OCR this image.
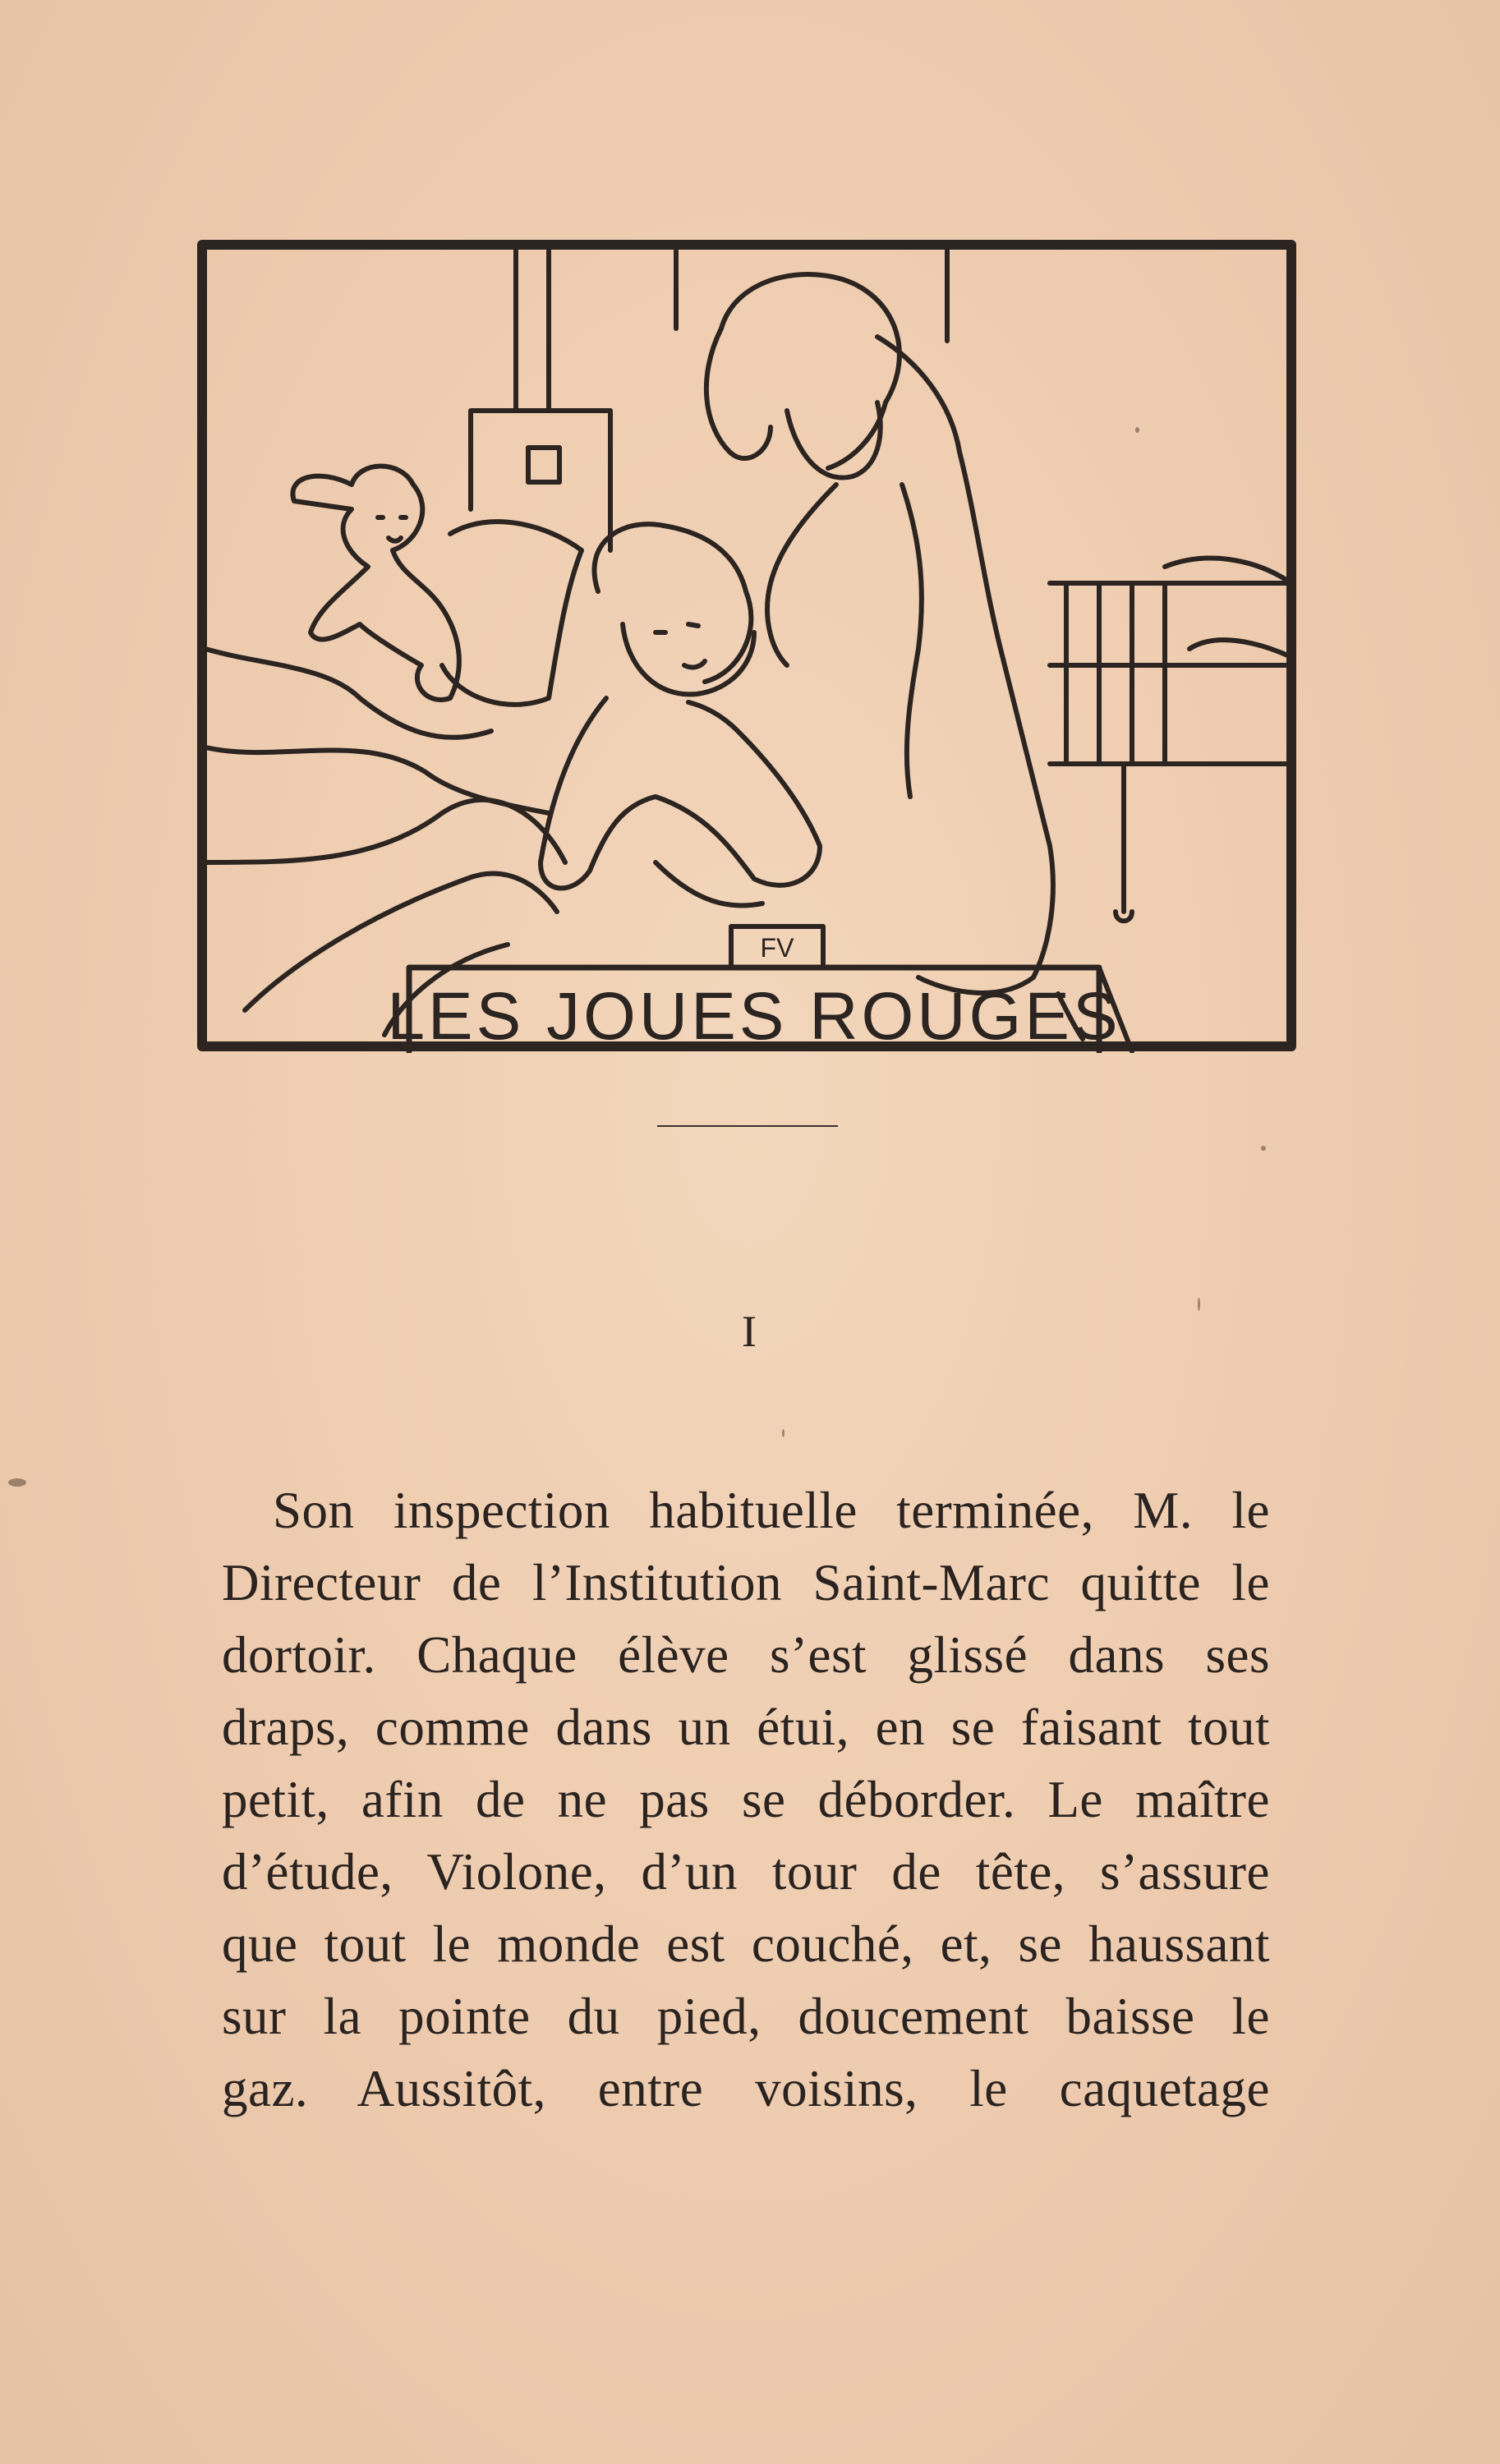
FV
LES JOUES ROUGES
I
Son inspection habituelle terminée, M. le
Directeur de l’Institution Saint-Marc quitte le
dortoir. Chaque élève s’est glissé dans ses
draps, comme dans un étui, en se faisant tout
petit, afin de ne pas se déborder. Le maître
d’étude, Violone, d’un tour de tête, s’assure
que tout le monde est couché, et, se haussant
sur la pointe du pied, doucement baisse le
gaz. Aussitôt, entre voisins, le caquetage
